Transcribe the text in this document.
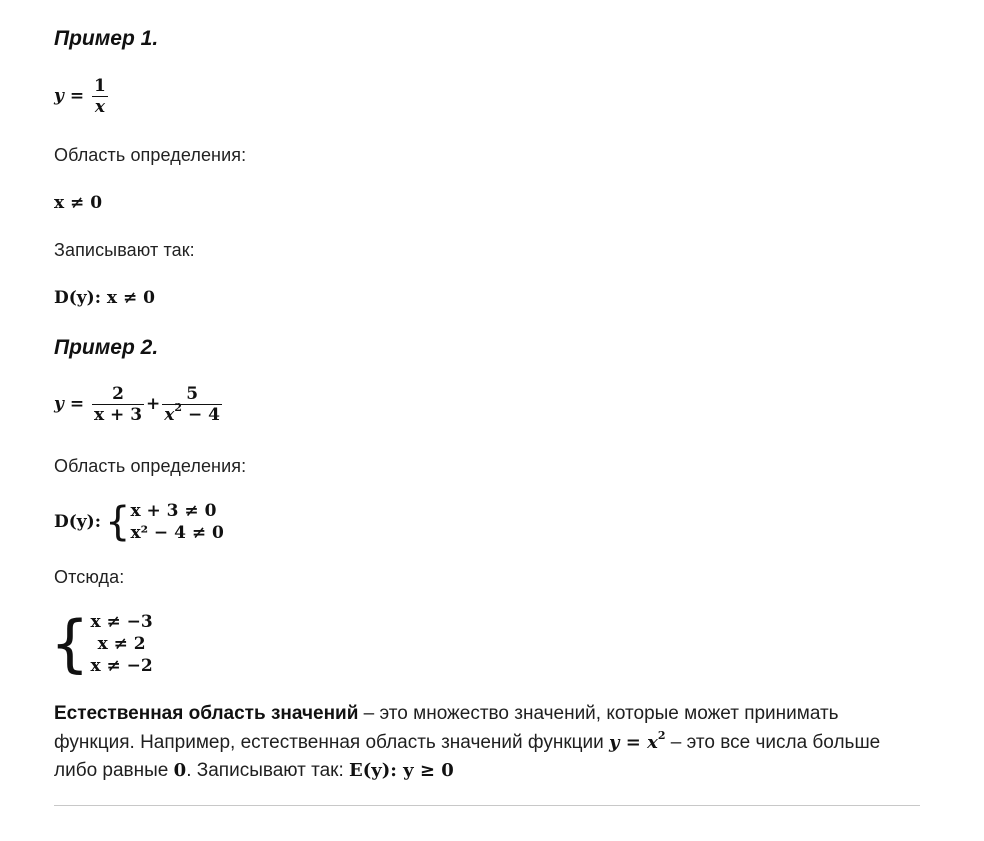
Пример 1.
$y = \frac{1}{x}$
Область определения:
x ≠ 0
Записывают так:
D(y): x ≠ 0
Пример 2.
$y = \frac{2}{x + 3} + \frac{5}{x^2 - 4}$
Область определения:
D(y): { x + 3 ≠ 0
x² − 4 ≠ 0
Отсюда:
{ x ≠ −3
x ≠ 2
x ≠ −2
Естественная область значений – это множество значений, которые может принимать
функция. Например, естественная область значений функции $y = x^2$ – это все числа больше
либо равные 0. Записывают так: E(y): y ≥ 0
